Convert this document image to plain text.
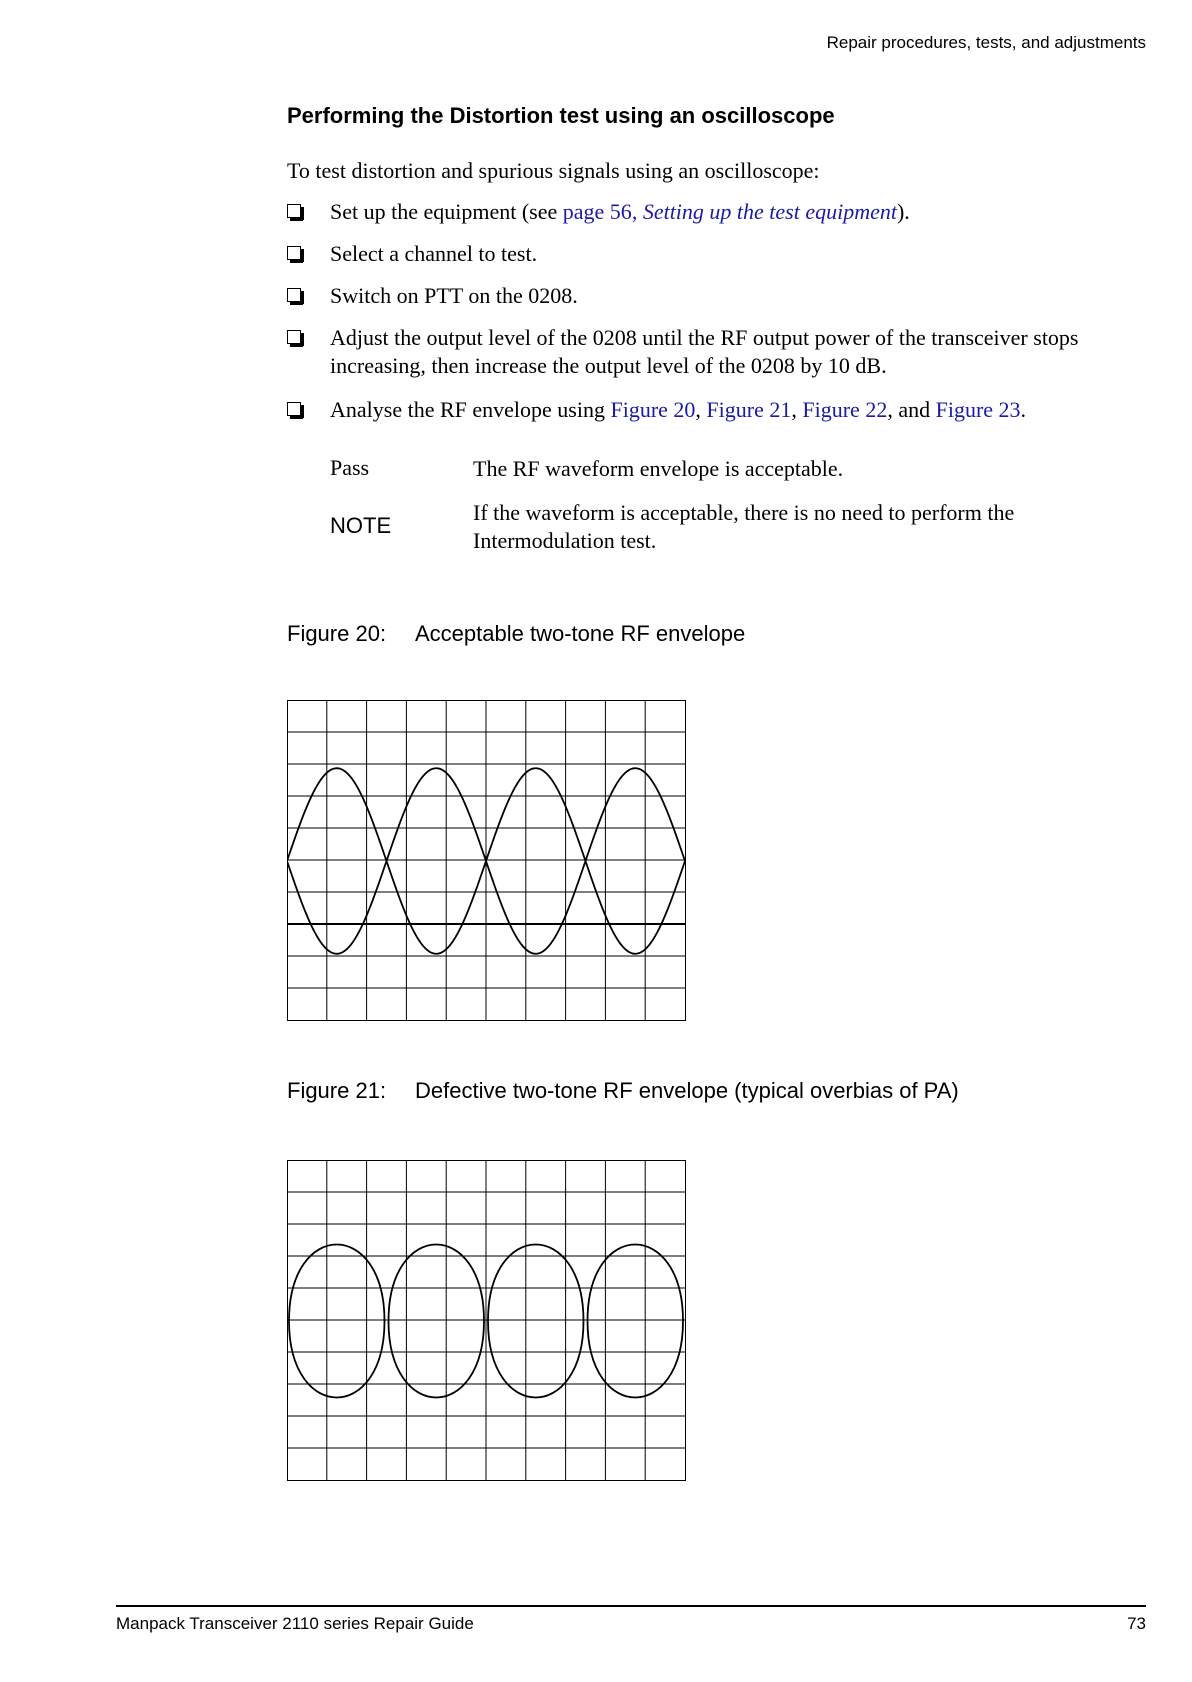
Repair procedures, tests, and adjustments
Performing the Distortion test using an oscilloscope
To test distortion and spurious signals using an oscilloscope:
Set up the equipment (see page 56, Setting up the test equipment).
Select a channel to test.
Switch on PTT on the 0208.
Adjust the output level of the 0208 until the RF output power of the transceiver stops increasing, then increase the output level of the 0208 by 10 dB.
Analyse the RF envelope using Figure 20, Figure 21, Figure 22, and Figure 23.
Pass	The RF waveform envelope is acceptable.
NOTE
If the waveform is acceptable, there is no need to perform the Intermodulation test.
Figure 20: Acceptable two-tone RF envelope
Figure 21: Defective two-tone RF envelope (typical overbias of PA)
Manpack Transceiver 2110 series Repair Guide	73
